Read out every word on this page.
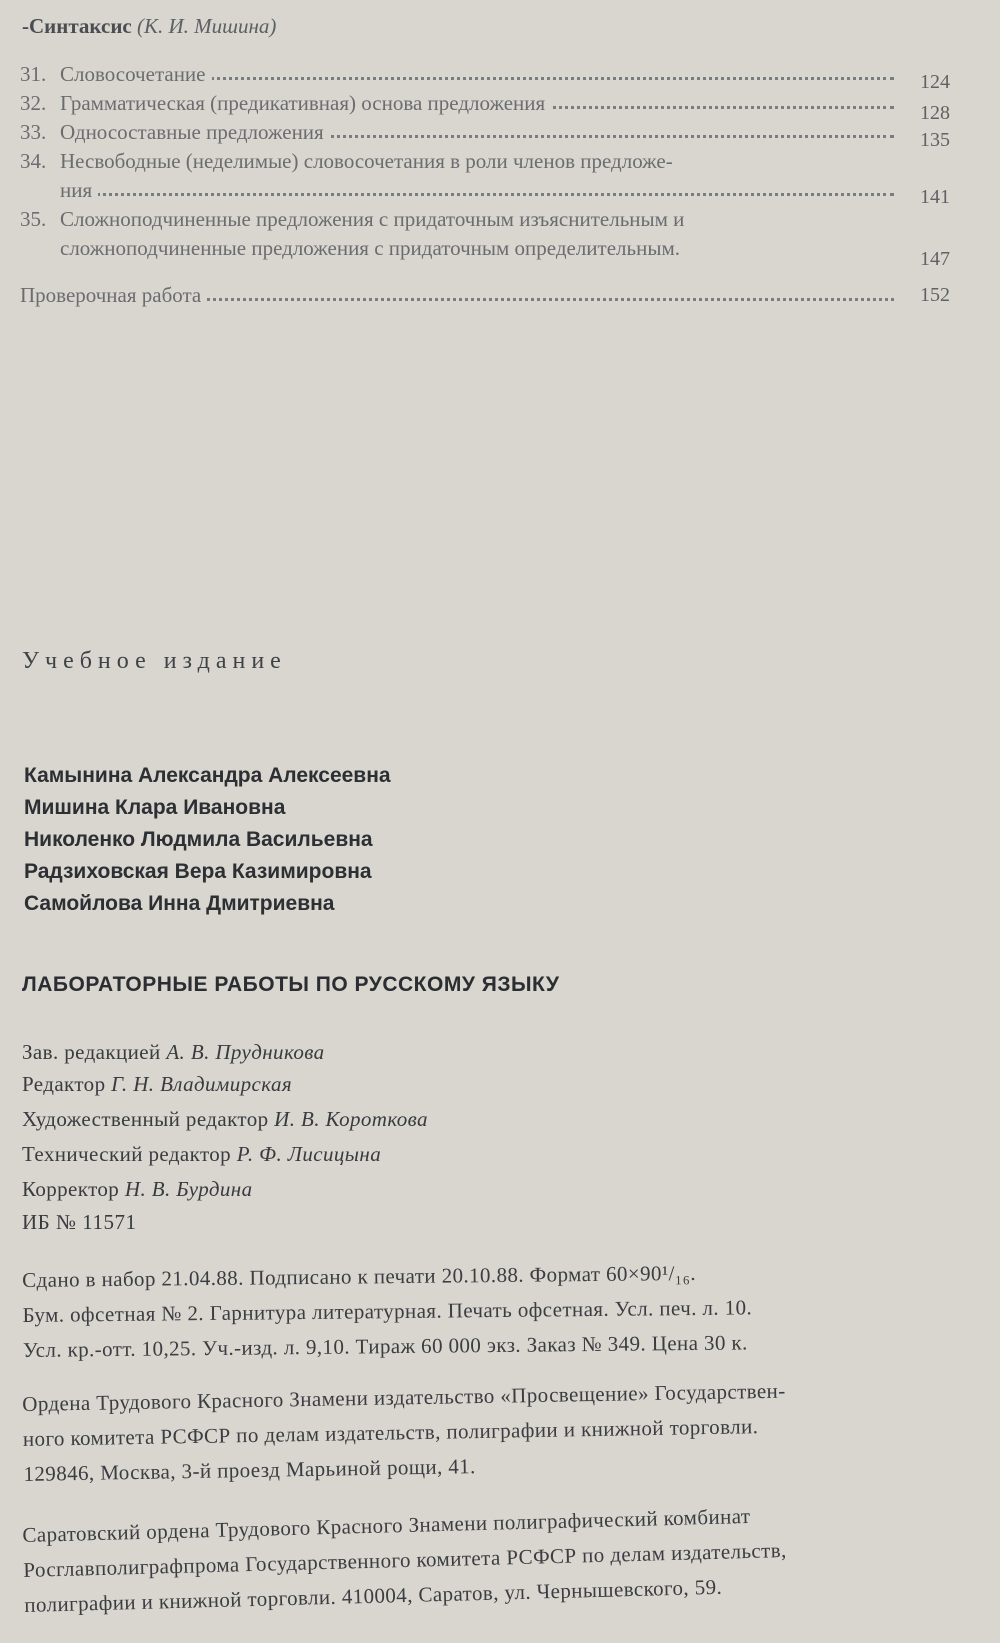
-Синтаксис (К. И. Мишина)
31. Словосочетание	124
32. Грамматическая (предикативная) основа предложения	128
33. Односоставные предложения	135
34. Несвободные (неделимые) словосочетания в роли членов предложе-

ния	141
35. Сложноподчиненные предложения с придаточным изъяснительным и
сложноподчиненные предложения с придаточным определительным.	147
Проверочная работа	152
Учебное издание
Камынина Александра Алексеевна
Мишина Клара Ивановна
Николенко Людмила Васильевна
Радзиховская Вера Казимировна
Самойлова Инна Дмитриевна
ЛАБОРАТОРНЫЕ РАБОТЫ ПО РУССКОМУ ЯЗЫКУ
Зав. редакцией А. В. Прудникова
Редактор Г. Н. Владимирская
Художественный редактор И. В. Короткова
Технический редактор Р. Ф. Лисицына
Корректор Н. В. Бурдина
ИБ № 11571
Сдано в набор 21.04.88. Подписано к печати 20.10.88. Формат 60×90¹/₁₆.
Бум. офсетная № 2. Гарнитура литературная. Печать офсетная. Усл. печ. л. 10.
Усл. кр.-отт. 10,25. Уч.-изд. л. 9,10. Тираж 60 000 экз. Заказ № 349. Цена 30 к.
Ордена Трудового Красного Знамени издательство «Просвещение» Государствен-
ного комитета РСФСР по делам издательств, полиграфии и книжной торговли.
129846, Москва, 3-й проезд Марьиной рощи, 41.
Саратовский ордена Трудового Красного Знамени полиграфический комбинат
Росглавполиграфпрома Государственного комитета РСФСР по делам издательств,
полиграфии и книжной торговли. 410004, Саратов, ул. Чернышевского, 59.
